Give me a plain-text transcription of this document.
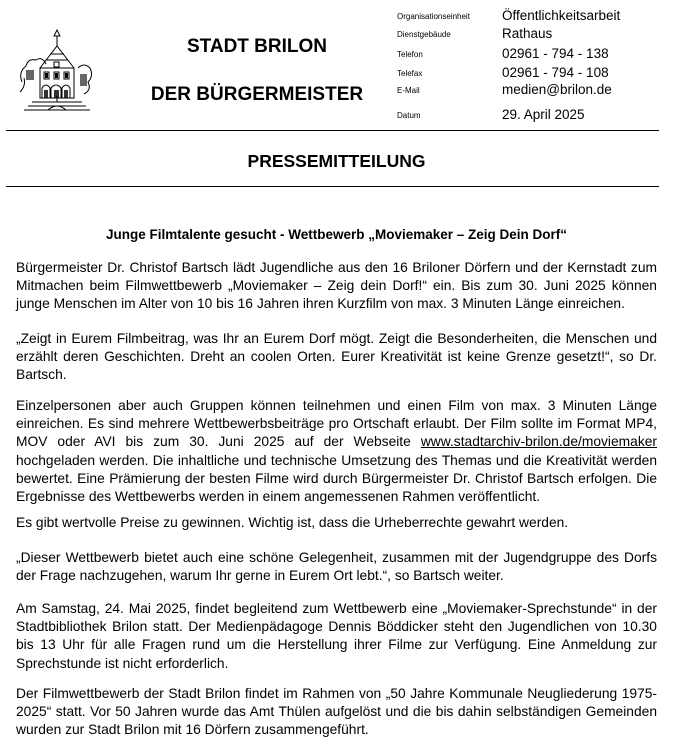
STADT BRILON
DER BÜRGERMEISTER
Organisationseinheit Öffentlichkeitsarbeit
Dienstgebäude	Rathaus
Telefon	02961 - 794 - 138
Telefax	02961 - 794 - 108
E-Mail	medien@brilon.de
Datum	29. April 2025
PRESSEMITTEILUNG
Junge Filmtalente gesucht - Wettbewerb „Moviemaker – Zeig Dein Dorf“
Bürgermeister Dr. Christof Bartsch lädt Jugendliche aus den 16 Briloner Dörfern und der Kernstadt zum Mitmachen beim Filmwettbewerb „Moviemaker – Zeig dein Dorf!“ ein. Bis zum 30. Juni 2025 können junge Menschen im Alter von 10 bis 16 Jahren ihren Kurzfilm von max. 3 Minuten Länge einreichen.
„Zeigt in Eurem Filmbeitrag, was Ihr an Eurem Dorf mögt. Zeigt die Besonderheiten, die Menschen und erzählt deren Geschichten. Dreht an coolen Orten. Eurer Kreativität ist keine Grenze gesetzt!“, so Dr. Bartsch.
Einzelpersonen aber auch Gruppen können teilnehmen und einen Film von max. 3 Minuten Länge einreichen. Es sind mehrere Wettbewerbsbeiträge pro Ortschaft erlaubt. Der Film sollte im Format MP4, MOV oder AVI bis zum 30. Juni 2025 auf der Webseite www.stadtarchiv-brilon.de/moviemaker hochgeladen werden. Die inhaltliche und technische Umsetzung des Themas und die Kreativität werden bewertet. Eine Prämierung der besten Filme wird durch Bürgermeister Dr. Christof Bartsch erfolgen. Die Ergebnisse des Wettbewerbs werden in einem angemessenen Rahmen veröffentlicht.
Es gibt wertvolle Preise zu gewinnen. Wichtig ist, dass die Urheberrechte gewahrt werden.
„Dieser Wettbewerb bietet auch eine schöne Gelegenheit, zusammen mit der Jugendgruppe des Dorfs der Frage nachzugehen, warum Ihr gerne in Eurem Ort lebt.“, so Bartsch weiter.
Am Samstag, 24. Mai 2025, findet begleitend zum Wettbewerb eine „Moviemaker-Sprechstunde“ in der Stadtbibliothek Brilon statt. Der Medienpädagoge Dennis Böddicker steht den Jugendlichen von 10.30 bis 13 Uhr für alle Fragen rund um die Herstellung ihrer Filme zur Verfügung. Eine Anmeldung zur Sprechstunde ist nicht erforderlich.
Der Filmwettbewerb der Stadt Brilon findet im Rahmen von „50 Jahre Kommunale Neugliederung 1975-2025“ statt. Vor 50 Jahren wurde das Amt Thülen aufgelöst und die bis dahin selbständigen Gemeinden wurden zur Stadt Brilon mit 16 Dörfern zusammengeführt.
